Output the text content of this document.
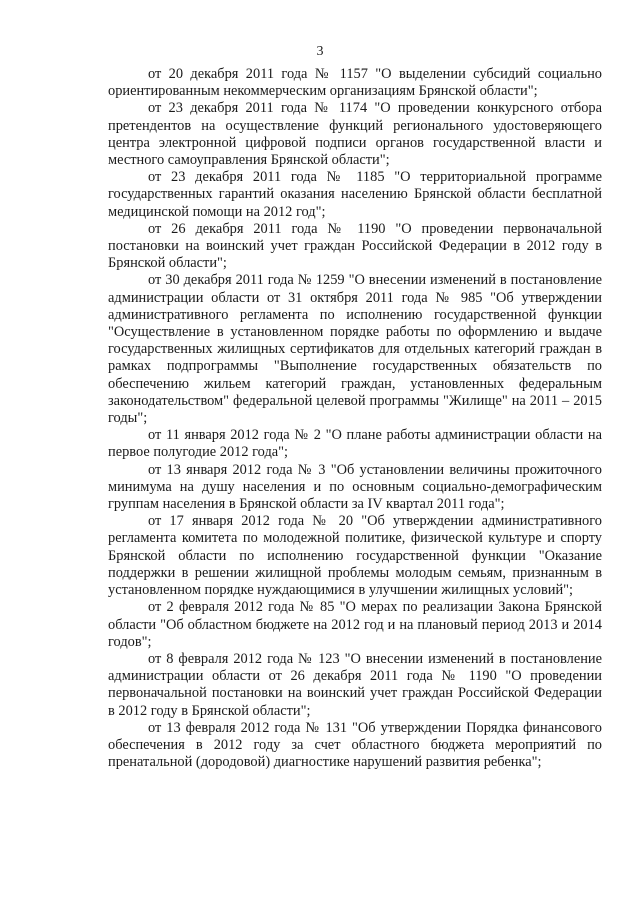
3

от 20 декабря 2011 года № 1157 "О выделении субсидий социально ориентированным некоммерческим организациям Брянской области";

от 23 декабря 2011 года № 1174 "О проведении конкурсного отбора претендентов на осуществление функций регионального удостоверяющего центра электронной цифровой подписи органов государственной власти и местного самоуправления Брянской области";

от 23 декабря 2011 года № 1185 "О территориальной программе государственных гарантий оказания населению Брянской области бесплатной медицинской помощи на 2012 год";

от 26 декабря 2011 года № 1190 "О проведении первоначальной постановки на воинский учет граждан Российской Федерации в 2012 году в Брянской области";

от 30 декабря 2011 года № 1259 "О внесении изменений в постановление администрации области от 31 октября 2011 года № 985 "Об утверждении административного регламента по исполнению государственной функции "Осуществление в установленном порядке работы по оформлению и выдаче государственных жилищных сертификатов для отдельных категорий граждан в рамках подпрограммы "Выполнение государственных обязательств по обеспечению жильем категорий граждан, установленных федеральным законодательством" федеральной целевой программы "Жилище" на 2011 – 2015 годы";

от 11 января 2012 года № 2 "О плане работы администрации области на первое полугодие 2012 года";

от 13 января 2012 года № 3 "Об установлении величины прожиточного минимума на душу населения и по основным социально-демографическим группам населения в Брянской области за IV квартал 2011 года";

от 17 января 2012 года № 20 "Об утверждении административного регламента комитета по молодежной политике, физической культуре и спорту Брянской области по исполнению государственной функции "Оказание поддержки в решении жилищной проблемы молодым семьям, признанным в установленном порядке нуждающимися в улучшении жилищных условий";

от 2 февраля 2012 года № 85 "О мерах по реализации Закона Брянской области "Об областном бюджете на 2012 год и на плановый период 2013 и 2014 годов";

от 8 февраля 2012 года № 123 "О внесении изменений в постановление администрации области от 26 декабря 2011 года № 1190 "О проведении первоначальной постановки на воинский учет граждан Российской Федерации в 2012 году в Брянской области";

от 13 февраля 2012 года № 131 "Об утверждении Порядка финансового обеспечения в 2012 году за счет областного бюджета мероприятий по пренатальной (дородовой) диагностике нарушений развития ребенка";
